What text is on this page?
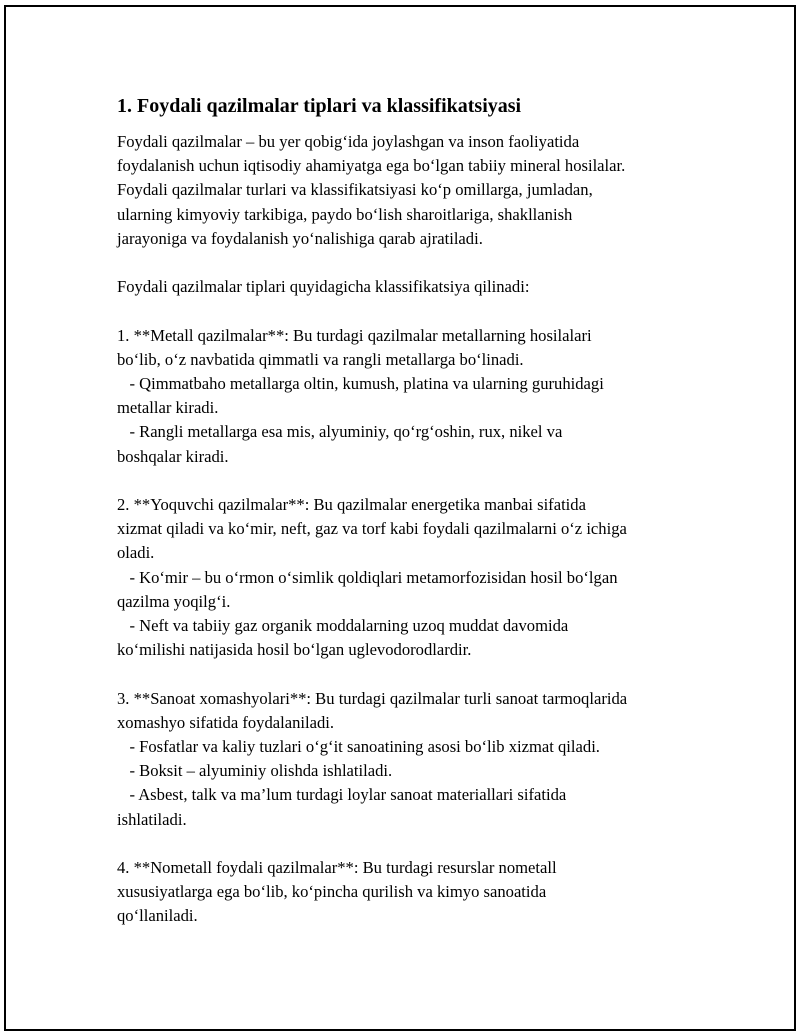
1. Foydali qazilmalar tiplari va klassifikatsiyasi
Foydali qazilmalar – bu yer qobig‘ida joylashgan va inson faoliyatida
foydalanish uchun iqtisodiy ahamiyatga ega bo‘lgan tabiiy mineral hosilalar.
Foydali qazilmalar turlari va klassifikatsiyasi ko‘p omillarga, jumladan,
ularning kimyoviy tarkibiga, paydo bo‘lish sharoitlariga, shakllanish
jarayoniga va foydalanish yo‘nalishiga qarab ajratiladi.
Foydali qazilmalar tiplari quyidagicha klassifikatsiya qilinadi:
1. **Metall qazilmalar**: Bu turdagi qazilmalar metallarning hosilalari
bo‘lib, o‘z navbatida qimmatli va rangli metallarga bo‘linadi.
- Qimmatbaho metallarga oltin, kumush, platina va ularning guruhidagi
metallar kiradi.
- Rangli metallarga esa mis, alyuminiy, qo‘rg‘oshin, rux, nikel va
boshqalar kiradi.
2. **Yoquvchi qazilmalar**: Bu qazilmalar energetika manbai sifatida
xizmat qiladi va ko‘mir, neft, gaz va torf kabi foydali qazilmalarni o‘z ichiga
oladi.
- Ko‘mir – bu o‘rmon o‘simlik qoldiqlari metamorfozisidan hosil bo‘lgan
qazilma yoqilg‘i.
- Neft va tabiiy gaz organik moddalarning uzoq muddat davomida
ko‘milishi natijasida hosil bo‘lgan uglevodorodlardir.
3. **Sanoat xomashyolari**: Bu turdagi qazilmalar turli sanoat tarmoqlarida
xomashyo sifatida foydalaniladi.
- Fosfatlar va kaliy tuzlari o‘g‘it sanoatining asosi bo‘lib xizmat qiladi.
- Boksit – alyuminiy olishda ishlatiladi.
- Asbest, talk va ma’lum turdagi loylar sanoat materiallari sifatida
ishlatiladi.
4. **Nometall foydali qazilmalar**: Bu turdagi resurslar nometall
xususiyatlarga ega bo‘lib, ko‘pincha qurilish va kimyo sanoatida
qo‘llaniladi.
